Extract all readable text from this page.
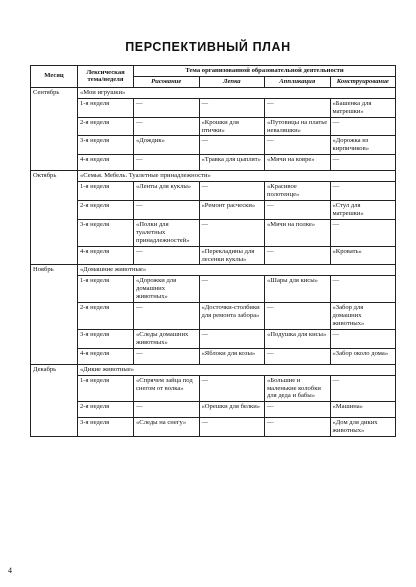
ПЕРСПЕКТИВНЫЙ ПЛАН
Месяц	Лексическая тема/неделя	Тема организованной образовательной деятельности			
		Рисование	Лепка	Аппликация	Конструирование
Сентябрь	«Мои игрушки»				
	1-я неделя	—	—	—	«Башенка для матрешки»
	2-я неделя	—	«Крошки для птички»	«Путовицы на платье неваляшки»	—
	3-я неделя	«Дождик»	—	—	«Дорожка из кирпичиков»
	4-я неделя	—	«Травка для цыплят»	«Мячи на ковре»	—
Октябрь	«Семья. Мебель. Туалетные принадлежности»				
	1-я неделя	«Ленты для куклы»	—	«Красивое полотенце»	—
	2-я неделя	—	«Ремонт расчески»	—	«Стул для матрешки»
	3-я неделя	«Полки для туалетных принадлежностей»	—	«Мячи на полке»	—
	4-я неделя	—	«Перекладины для лесенки куклы»	—	«Кровать»
Ноябрь	«Домашние животные»				
	1-я неделя	«Дорожки для домашних животных»	—	«Шары для кисы»	—
	2-я неделя	—	«Досточки-столбики для ремонта забора»	—	«Забор для домашних животных»
	3-я неделя	«Следы домашних животных»	—	«Подушка для кисы»	—
	4-я неделя	—	«Яблоки для козы»	—	«Забор около дома»
Декабрь	«Дикие животные»				
	1-я неделя	«Спрячем зайца под снегом от волка»	—	«Большие и маленькие колобки для деда и бабы»	—
	2-я неделя	—	«Орешки для белки»	—	«Машина»
	3-я неделя	«Следы на снегу»	—	—	«Дом для диких животных»
4
